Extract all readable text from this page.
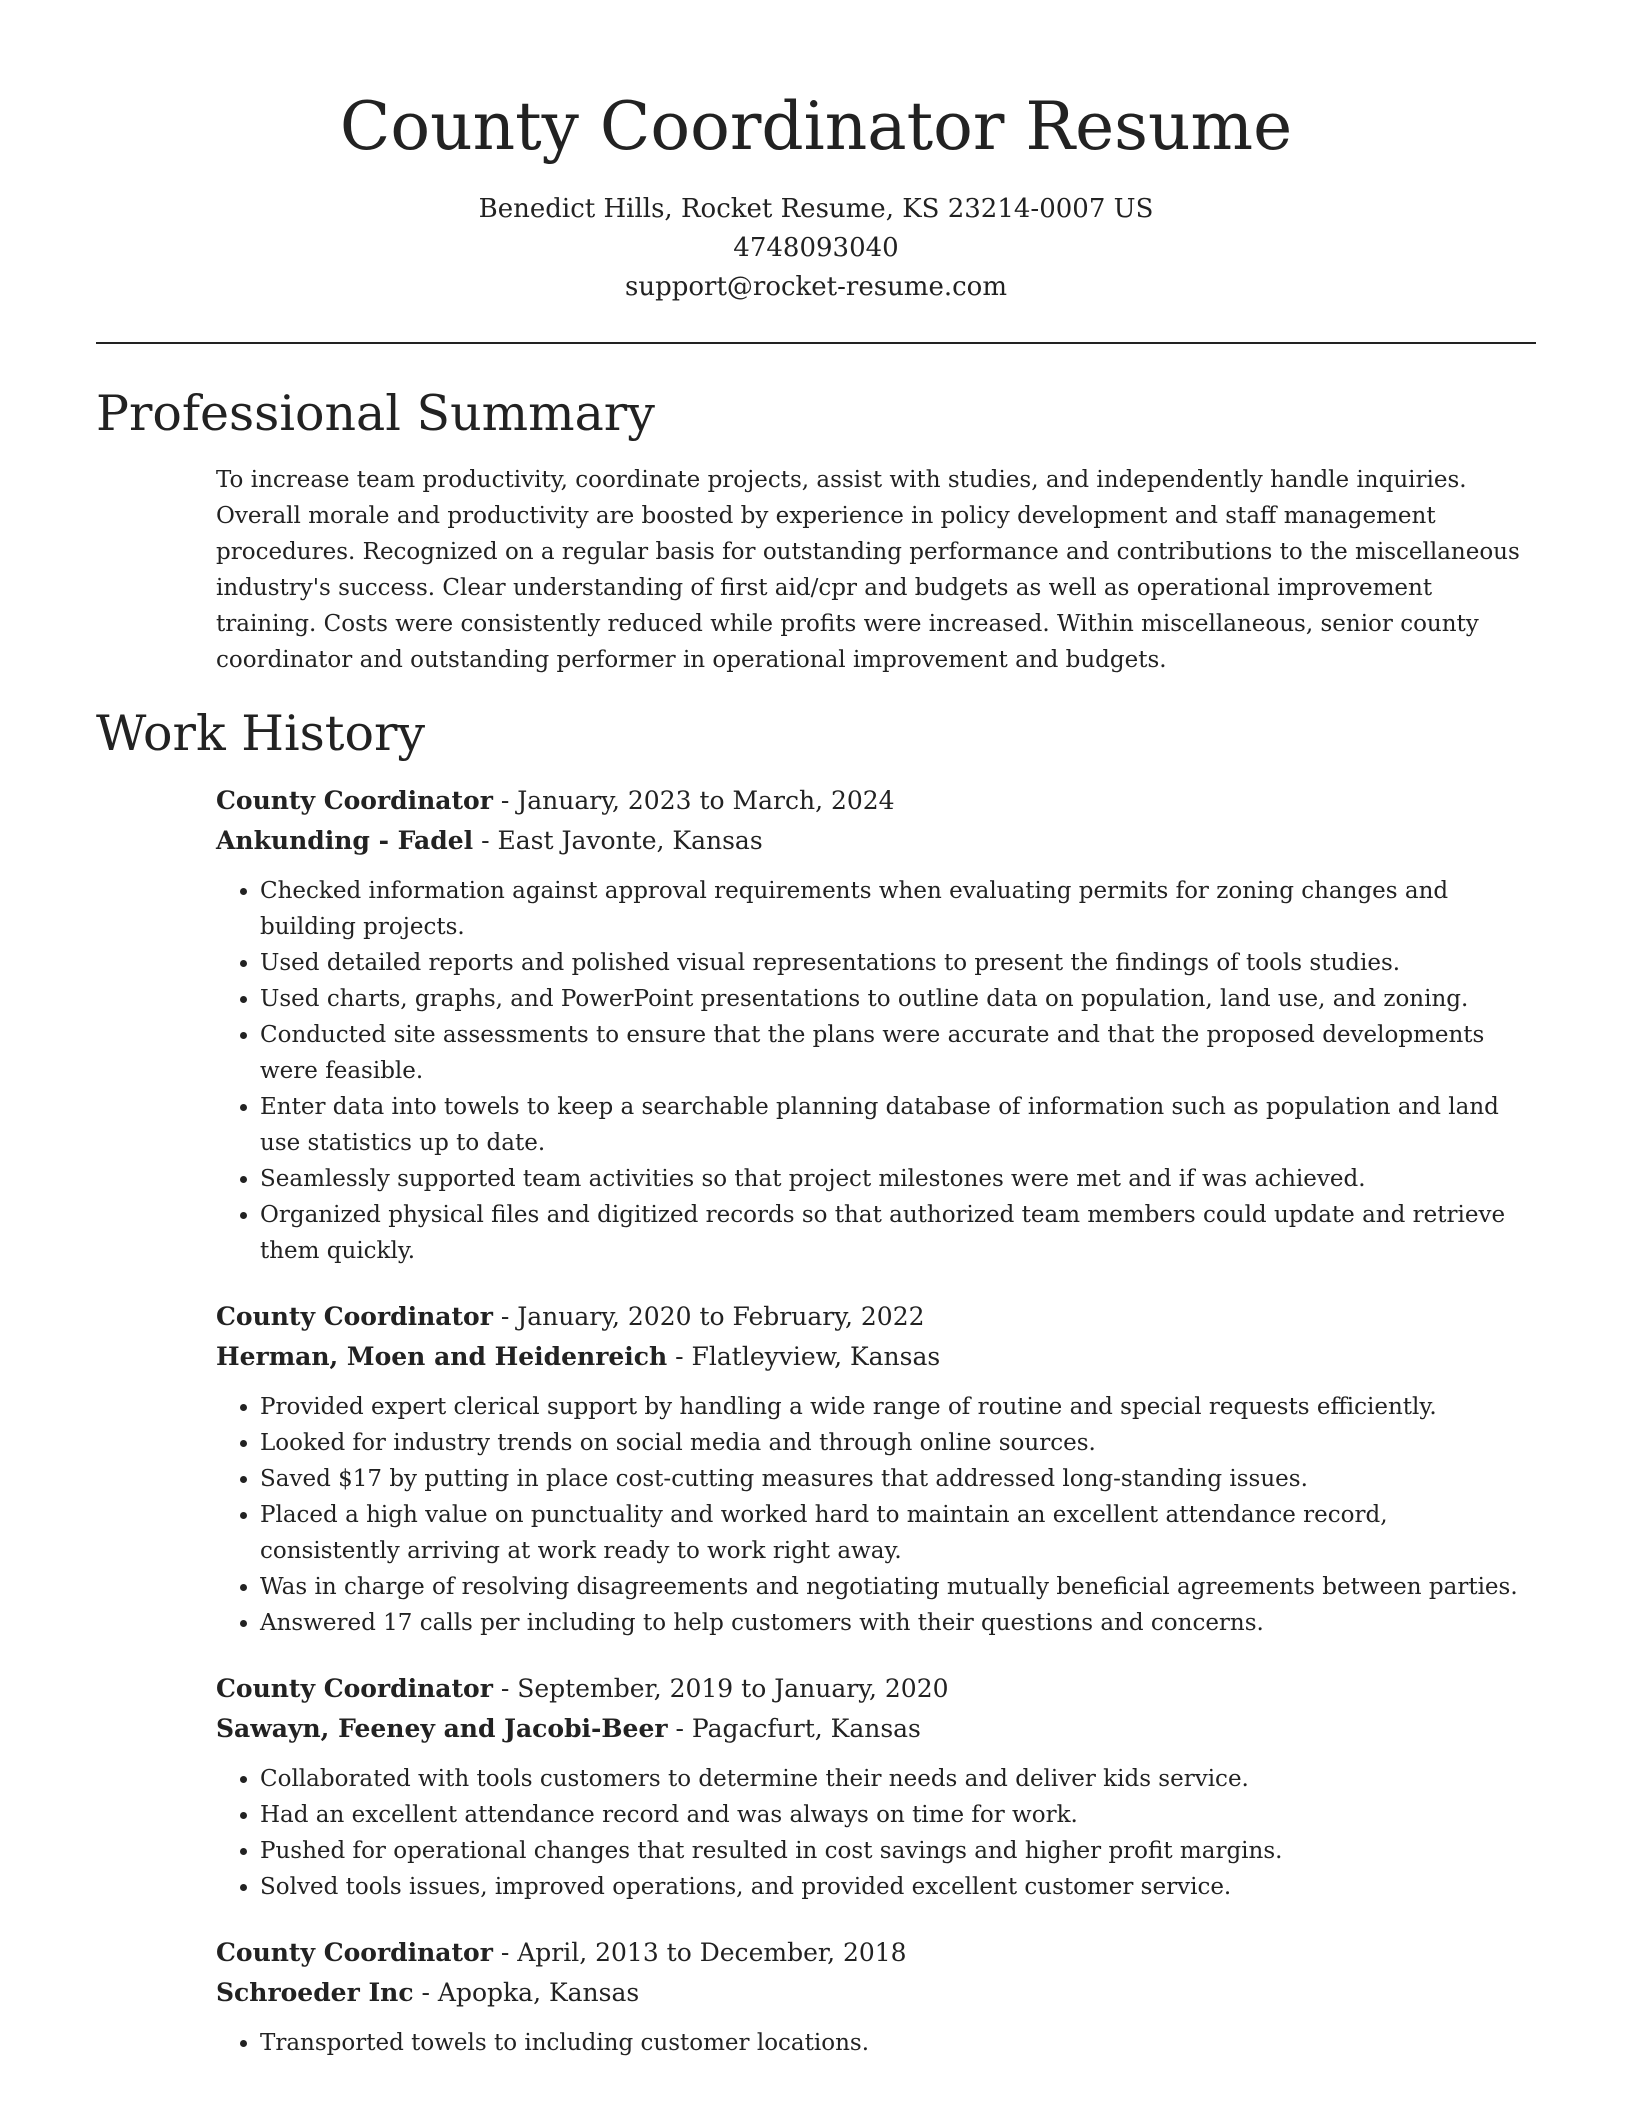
County Coordinator Resume
Benedict Hills, Rocket Resume, KS 23214-0007 US
4748093040
support@rocket-resume.com
Professional Summary

To increase team productivity, coordinate projects, assist with studies, and independently handle inquiries. Overall morale and productivity are boosted by experience in policy development and staff management procedures. Recognized on a regular basis for outstanding performance and contributions to the miscellaneous industry's success. Clear understanding of first aid/cpr and budgets as well as operational improvement training. Costs were consistently reduced while profits were increased. Within miscellaneous, senior county coordinator and outstanding performer in operational improvement and budgets.

Work History
County Coordinator - January, 2023 to March, 2024
Ankunding - Fadel - East Javonte, Kansas
• Checked information against approval requirements when evaluating permits for zoning changes and building projects.
• Used detailed reports and polished visual representations to present the findings of tools studies.
• Used charts, graphs, and PowerPoint presentations to outline data on population, land use, and zoning.
• Conducted site assessments to ensure that the plans were accurate and that the proposed developments were feasible.
• Enter data into towels to keep a searchable planning database of information such as population and land use statistics up to date.
• Seamlessly supported team activities so that project milestones were met and if was achieved.
• Organized physical files and digitized records so that authorized team members could update and retrieve them quickly.
County Coordinator - January, 2020 to February, 2022
Herman, Moen and Heidenreich - Flatleyview, Kansas
• Provided expert clerical support by handling a wide range of routine and special requests efficiently.
• Looked for industry trends on social media and through online sources.
• Saved $17 by putting in place cost-cutting measures that addressed long-standing issues.
• Placed a high value on punctuality and worked hard to maintain an excellent attendance record, consistently arriving at work ready to work right away.
• Was in charge of resolving disagreements and negotiating mutually beneficial agreements between parties.
• Answered 17 calls per including to help customers with their questions and concerns.
County Coordinator - September, 2019 to January, 2020
Sawayn, Feeney and Jacobi-Beer - Pagacfurt, Kansas
• Collaborated with tools customers to determine their needs and deliver kids service.
• Had an excellent attendance record and was always on time for work.
• Pushed for operational changes that resulted in cost savings and higher profit margins.
• Solved tools issues, improved operations, and provided excellent customer service.
County Coordinator - April, 2013 to December, 2018
Schroeder Inc - Apopka, Kansas
• Transported towels to including customer locations.
